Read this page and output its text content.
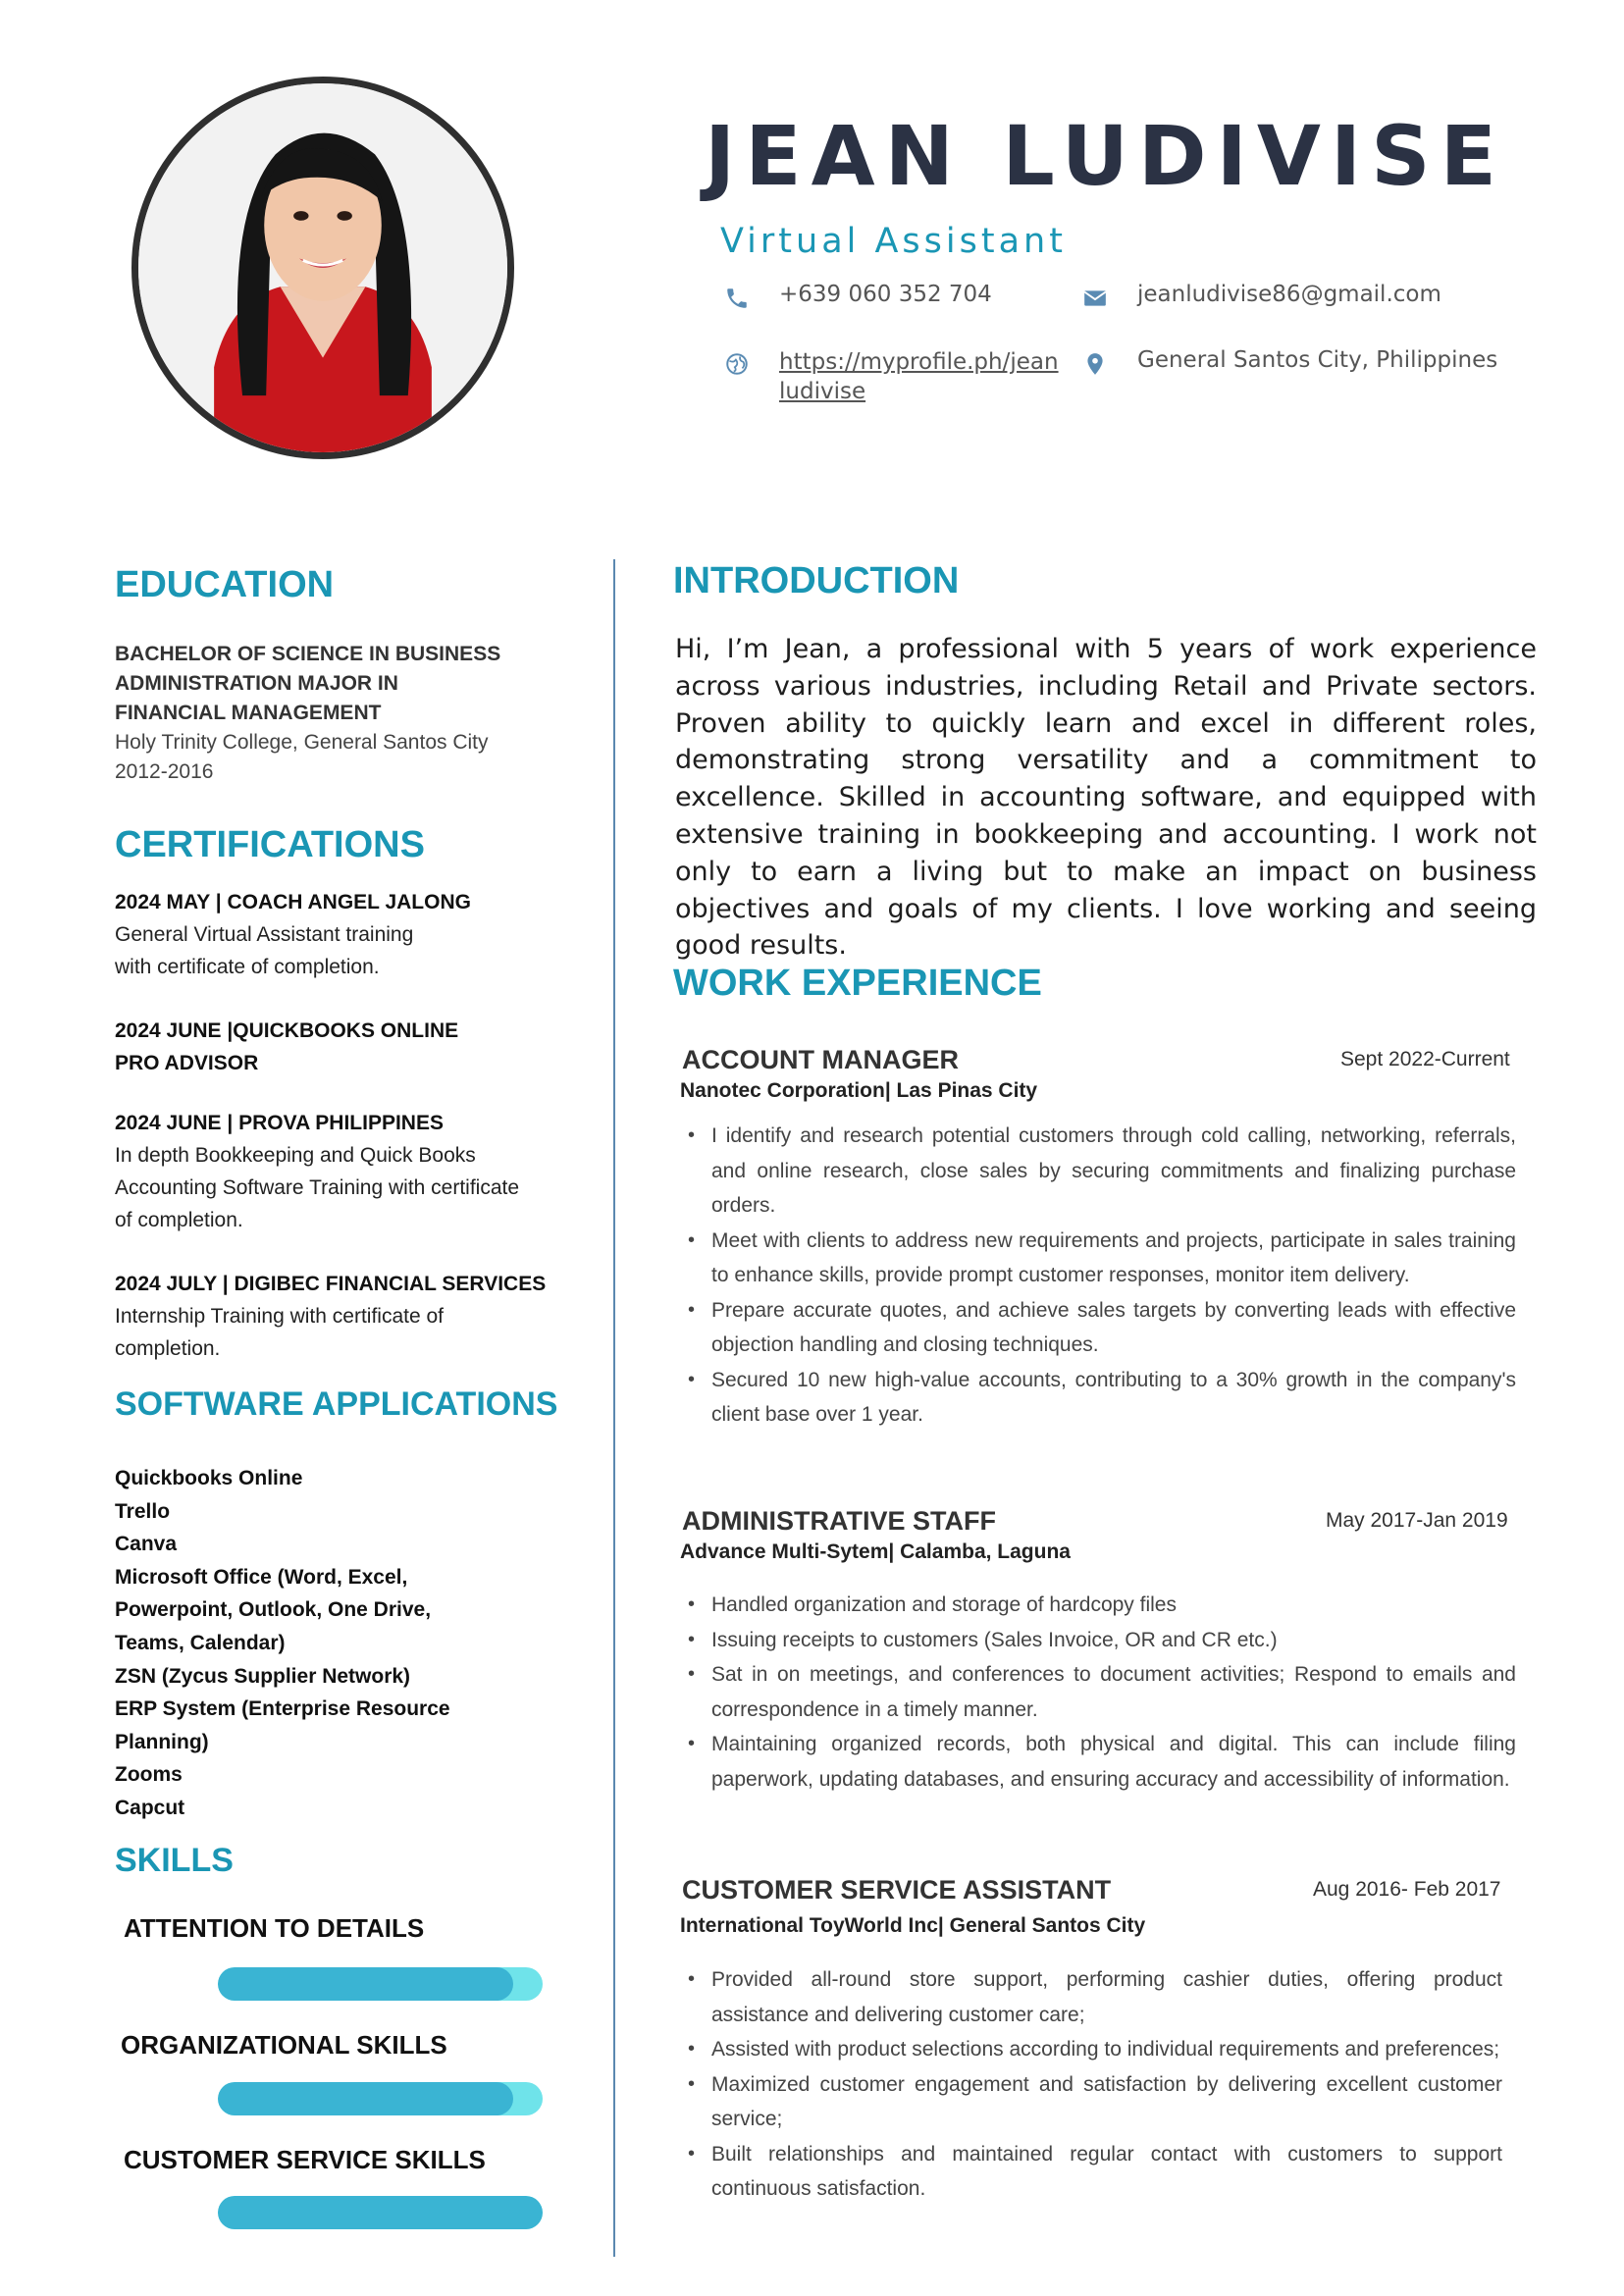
JEAN LUDIVISE
Virtual Assistant
+639 060 352 704	jeanludivise86@gmail.com
https://myprofile.ph/jean
ludivise
General Santos City, Philippines
EDUCATION
BACHELOR OF SCIENCE IN BUSINESS
ADMINISTRATION MAJOR IN
FINANCIAL MANAGEMENT
Holy Trinity College, General Santos City
2012-2016
CERTIFICATIONS
2024 MAY | COACH ANGEL JALONG
General Virtual Assistant training
with certificate of completion.
2024 JUNE |QUICKBOOKS ONLINE
PRO ADVISOR
2024 JUNE | PROVA PHILIPPINES
In depth Bookkeeping and Quick Books
Accounting Software Training with certificate
of completion.
2024 JULY | DIGIBEC FINANCIAL SERVICES
Internship Training with certificate of
completion.
SOFTWARE APPLICATIONS
Quickbooks Online
Trello
Canva
Microsoft Office (Word, Excel,
Powerpoint, Outlook, One Drive,
Teams, Calendar)
ZSN (Zycus Supplier Network)
ERP System (Enterprise Resource
Planning)
Zooms
Capcut
SKILLS
ATTENTION TO DETAILS
ORGANIZATIONAL SKILLS
CUSTOMER SERVICE SKILLS
INTRODUCTION
Hi, I’m Jean, a professional with 5 years of work experience across various industries, including Retail and Private sectors. Proven ability to quickly learn and excel in different roles, demonstrating strong versatility and a commitment to excellence. Skilled in accounting software, and equipped with extensive training in bookkeeping and accounting. I work not only to earn a living but to make an impact on business objectives and goals of my clients. I love working and seeing good results.
WORK EXPERIENCE
ACCOUNT MANAGER	Sept 2022-Current
Nanotec Corporation| Las Pinas City
• I identify and research potential customers through cold calling, networking, referrals, and online research, close sales by securing commitments and finalizing purchase orders.
• Meet with clients to address new requirements and projects, participate in sales training to enhance skills, provide prompt customer responses, monitor item delivery.
• Prepare accurate quotes, and achieve sales targets by converting leads with effective objection handling and closing techniques.
• Secured 10 new high-value accounts, contributing to a 30% growth in the company's client base over 1 year.
ADMINISTRATIVE STAFF	May 2017-Jan 2019
Advance Multi-Sytem| Calamba, Laguna
• Handled organization and storage of hardcopy files
• Issuing receipts to customers (Sales Invoice, OR and CR etc.)
• Sat in on meetings, and conferences to document activities; Respond to emails and correspondence in a timely manner.
• Maintaining organized records, both physical and digital. This can include filing paperwork, updating databases, and ensuring accuracy and accessibility of information.
CUSTOMER SERVICE ASSISTANT	Aug 2016- Feb 2017
International ToyWorld Inc| General Santos City
• Provided all-round store support, performing cashier duties, offering product assistance and delivering customer care;
• Assisted with product selections according to individual requirements and preferences;
• Maximized customer engagement and satisfaction by delivering excellent customer service;
• Built relationships and maintained regular contact with customers to support continuous satisfaction.
